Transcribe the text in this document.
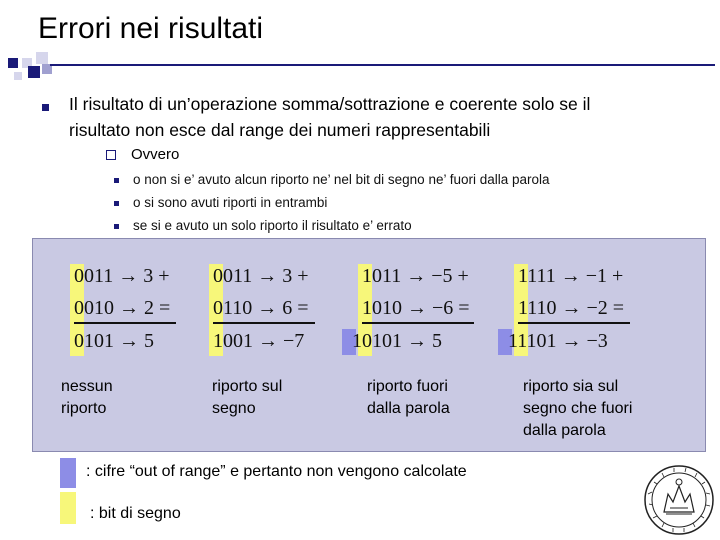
Errori nei risultati
Il risultato di un’operazione somma/sottrazione e coerente solo se il
risultato non esce dal range dei numeri rappresentabili
Ovvero
o non si e’ avuto alcun riporto ne’ nel bit di segno ne’ fuori dalla parola
o si sono avuti riporti in entrambi
se si e avuto un solo riporto il risultato e’ errato
0011 → 3 +
0010 → 2 =
0101 → 5
nessun
riporto
0011 → 3 +
0110 → 6 =
1001 → −7
riporto sul
segno
1011 → −5 +
1010 → −6 =
10101 → 5
riporto fuori
dalla parola
1111 → −1 +
1110 → −2 =
11101 → −3
riporto sia sul
segno che fuori
dalla parola
: cifre “out of range” e pertanto non vengono calcolate
: bit di segno
